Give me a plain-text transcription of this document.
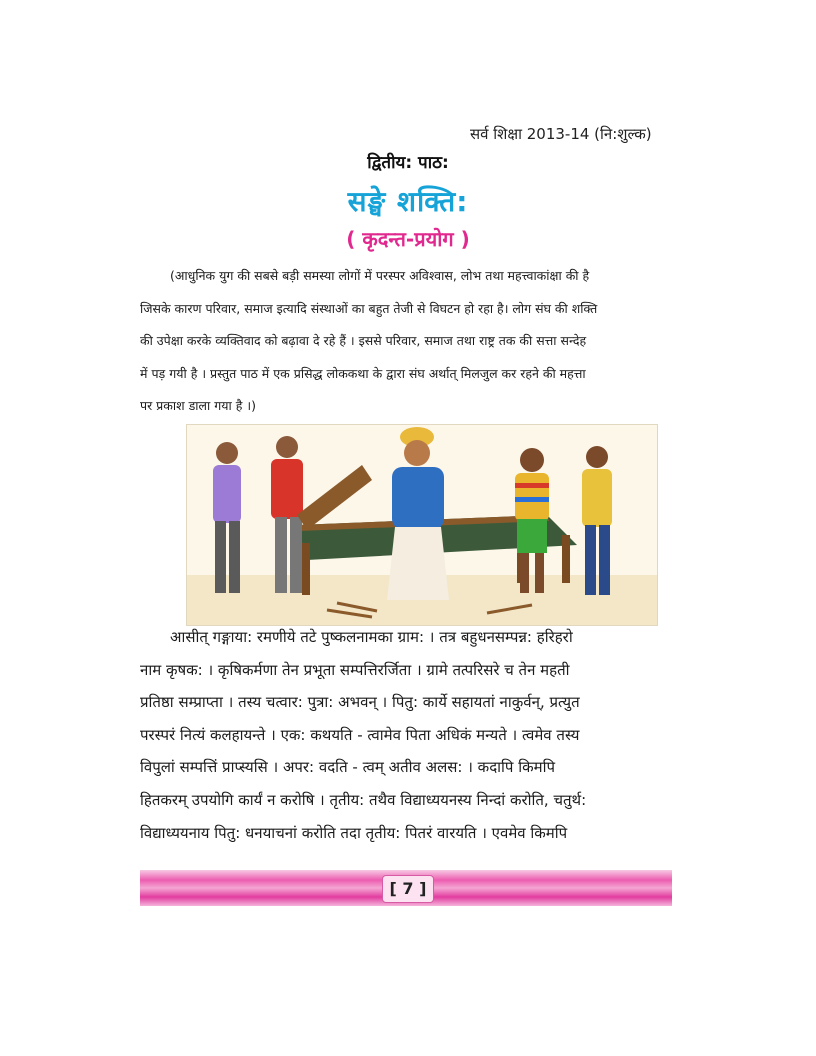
सर्व शिक्षा 2013-14 (नि:शुल्क)
द्वितीय: पाठ:
सङ्घे शक्ति:
( कृदन्त-प्रयोग )
(आधुनिक युग की सबसे बड़ी समस्या लोगों में परस्पर अविश्वास, लोभ तथा महत्त्वाकांक्षा की है
जिसके कारण परिवार, समाज इत्यादि संस्थाओं का बहुत तेजी से विघटन हो रहा है। लोग संघ की शक्ति
की उपेक्षा करके व्यक्तिवाद को बढ़ावा दे रहे हैं । इससे परिवार, समाज तथा राष्ट्र तक की सत्ता सन्देह
में पड़ गयी है । प्रस्तुत पाठ में एक प्रसिद्ध लोककथा के द्वारा संघ अर्थात् मिलजुल कर रहने की महत्ता
पर प्रकाश डाला गया है ।)
आसीत् गङ्गाया: रमणीये तटे पुष्कलनामका ग्राम: । तत्र बहुधनसम्पन्न: हरिहरो
नाम कृषक: । कृषिकर्मणा तेन प्रभूता सम्पत्तिरर्जिता । ग्रामे तत्परिसरे च तेन महती
प्रतिष्ठा सम्प्राप्ता । तस्य चत्वार: पुत्रा: अभवन् । पितु: कार्ये सहायतां नाकुर्वन्, प्रत्युत
परस्परं नित्यं कलहायन्ते । एक: कथयति - त्वामेव पिता अधिकं मन्यते । त्वमेव तस्य
विपुलां सम्पत्तिं प्राप्स्यसि । अपर: वदति - त्वम् अतीव अलस: । कदापि किमपि
हितकरम् उपयोगि कार्यं न करोषि । तृतीय: तथैव विद्याध्ययनस्य निन्दां करोति, चतुर्थ:
विद्याध्ययनाय पितु: धनयाचनां करोति तदा तृतीय: पितरं वारयति । एवमेव किमपि
[ 7 ]
